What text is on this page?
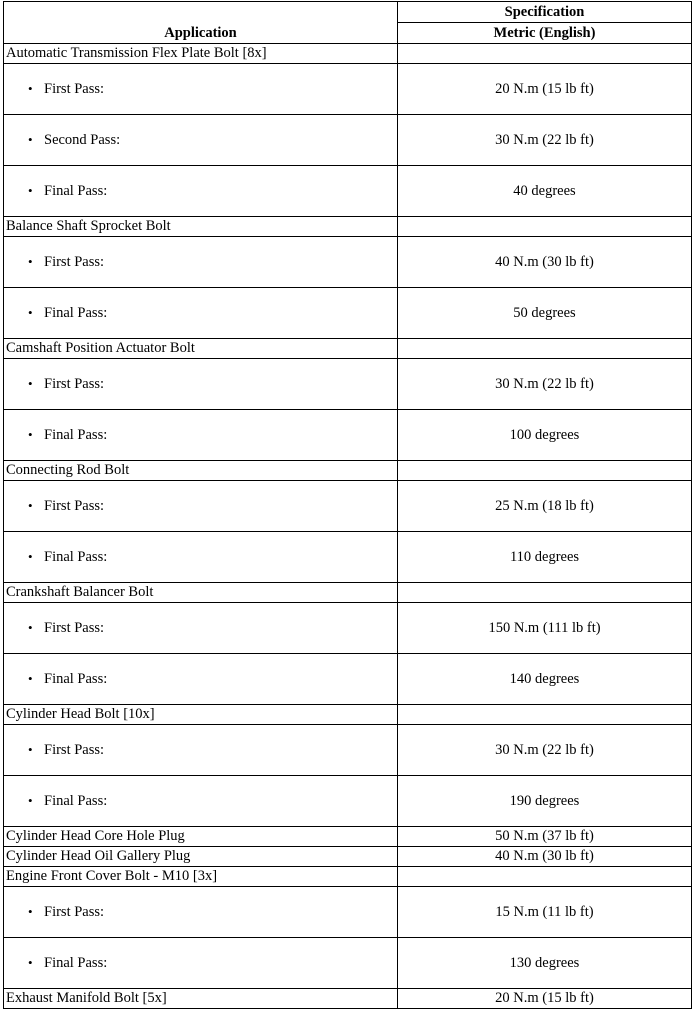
Application	Specification
	Metric (English)
Automatic Transmission Flex Plate Bolt [8x]	
• First Pass:	20 N.m (15 lb ft)
• Second Pass:	30 N.m (22 lb ft)
• Final Pass:	40 degrees
Balance Shaft Sprocket Bolt	
• First Pass:	40 N.m (30 lb ft)
• Final Pass:	50 degrees
Camshaft Position Actuator Bolt	
• First Pass:	30 N.m (22 lb ft)
• Final Pass:	100 degrees
Connecting Rod Bolt	
• First Pass:	25 N.m (18 lb ft)
• Final Pass:	110 degrees
Crankshaft Balancer Bolt	
• First Pass:	150 N.m (111 lb ft)
• Final Pass:	140 degrees
Cylinder Head Bolt [10x]	
• First Pass:	30 N.m (22 lb ft)
• Final Pass:	190 degrees
Cylinder Head Core Hole Plug	50 N.m (37 lb ft)
Cylinder Head Oil Gallery Plug	40 N.m (30 lb ft)
Engine Front Cover Bolt - M10 [3x]	
• First Pass:	15 N.m (11 lb ft)
• Final Pass:	130 degrees
Exhaust Manifold Bolt [5x]	20 N.m (15 lb ft)
